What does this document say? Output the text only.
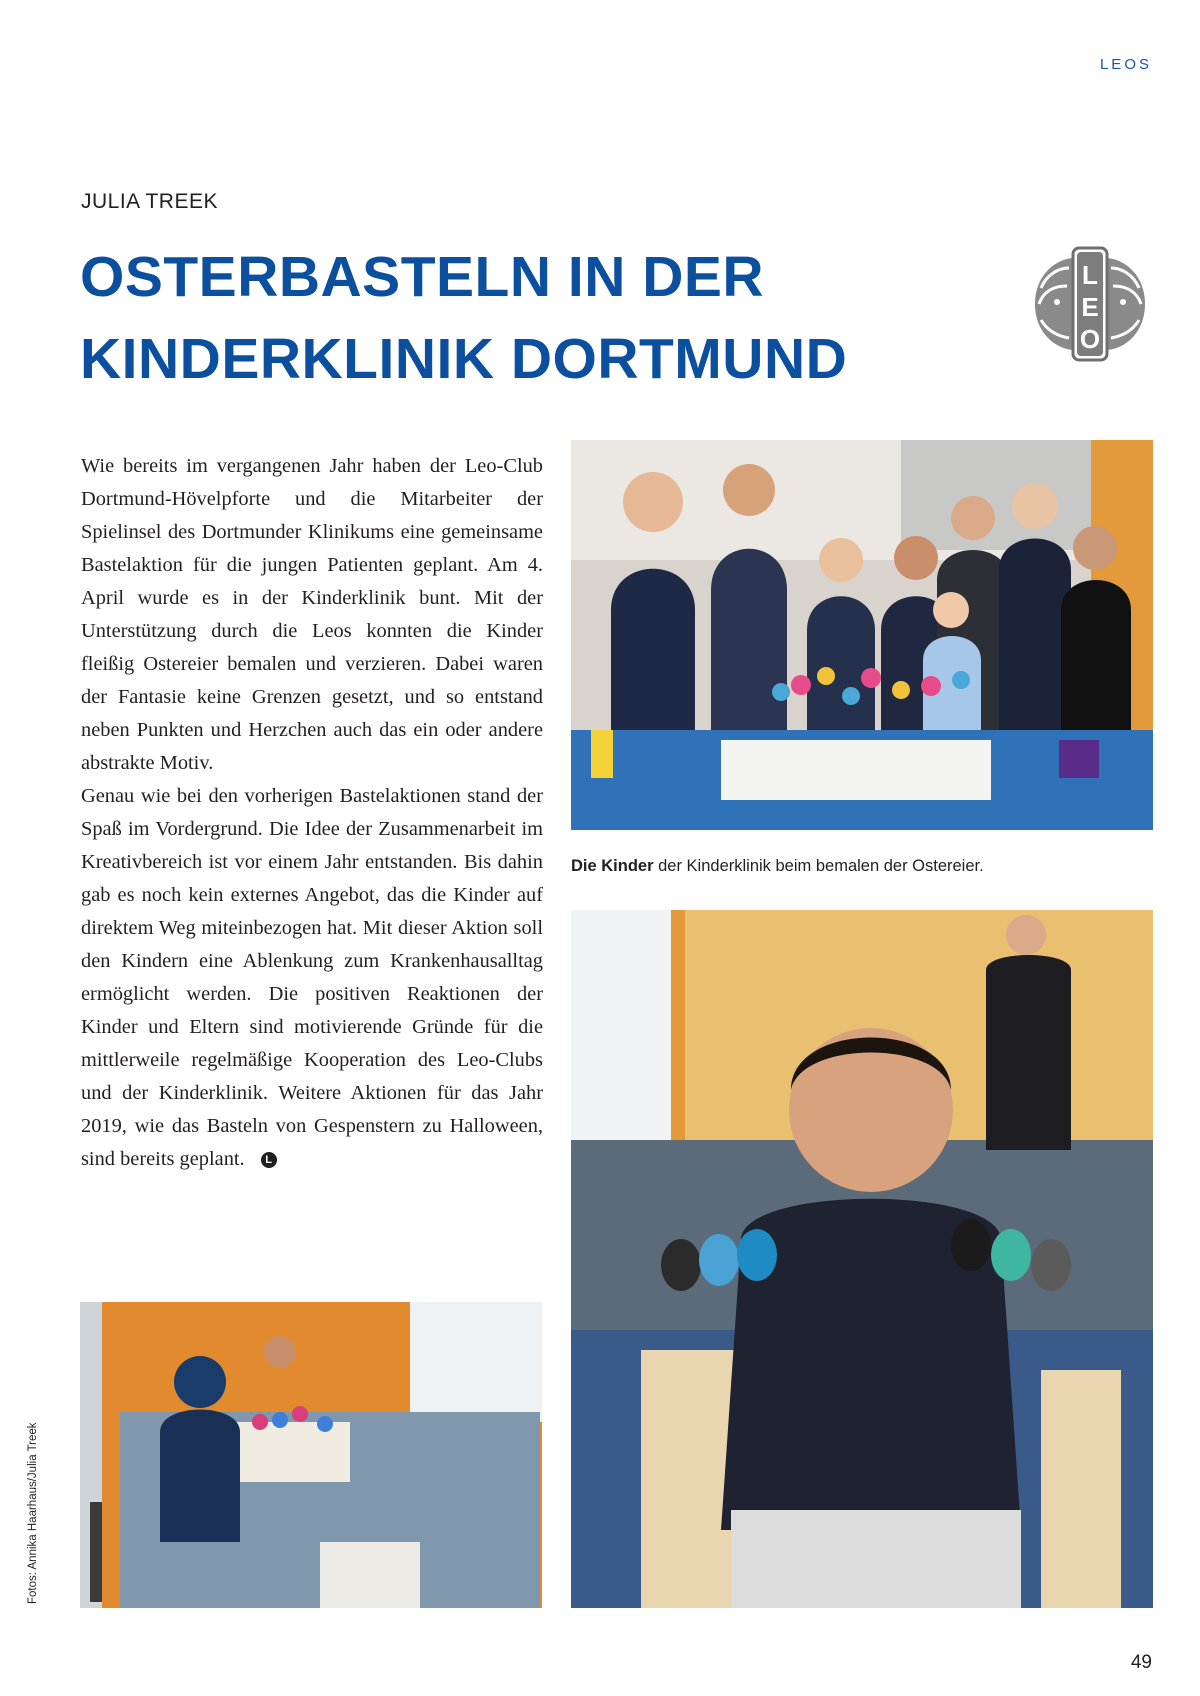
LEOS
JULIA TREEK
OSTERBASTELN IN DER
KINDERKLINIK DORTMUND
L
E
O

Wie bereits im vergangenen Jahr haben der Leo-Club Dortmund-Hövelpforte und die Mitarbeiter der Spielinsel des Dortmunder Klinikums eine gemeinsame Bastelaktion für die jungen Patienten geplant. Am 4. April wurde es in der Kinderklinik bunt. Mit der Unterstützung durch die Leos konnten die Kinder fleißig Ostereier bemalen und verzieren. Dabei waren der Fantasie keine Grenzen gesetzt, und so entstand neben Punkten und Herzchen auch das ein oder andere abstrakte Motiv.

Genau wie bei den vorherigen Bastelaktionen stand der Spaß im Vordergrund. Die Idee der Zusammenarbeit im Kreativbereich ist vor einem Jahr entstanden. Bis dahin gab es noch kein externes Angebot, das die Kinder auf direktem Weg miteinbezogen hat. Mit dieser Aktion soll den Kindern eine Ablenkung zum Krankenhausalltag ermöglicht werden. Die positiven Reaktionen der Kinder und Eltern sind motivierende Gründe für die mittlerweile regelmäßige Kooperation des Leo-Clubs und der Kinderklinik. Weitere Aktionen für das Jahr 2019, wie das Basteln von Gespenstern zu Halloween, sind bereits geplant. L

Die Kinder der Kinderklinik beim bemalen der Ostereier.
Fotos: Annika Haarhaus/Julia Treek
49
